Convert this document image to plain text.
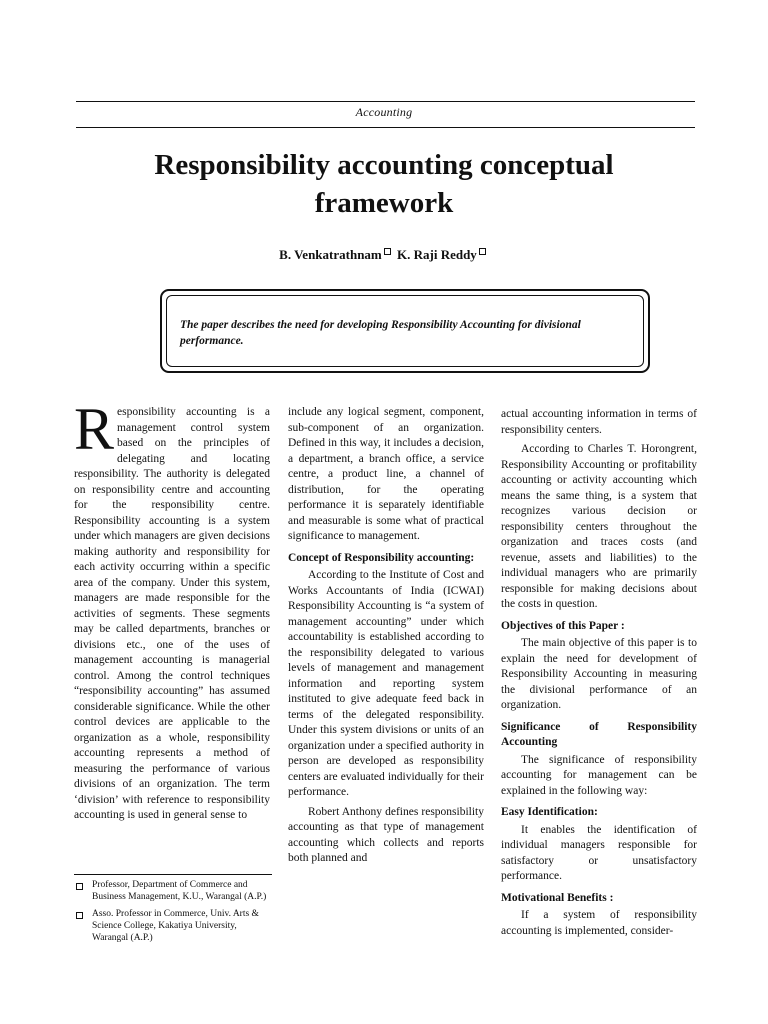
Accounting
Responsibility accounting conceptual framework
B. Venkatrathnam K. Raji Reddy
The paper describes the need for developing Responsibility Accounting for divisional performance.

Responsibility accounting is a management control system based on the principles of delegating and locating responsibility. The authority is delegated on responsibility centre and accounting for the responsibility centre. Responsibility accounting is a system under which managers are given decisions making authority and responsibility for each activity occurring within a specific area of the company. Under this system, managers are made responsible for the activities of segments. These segments may be called departments, branches or divisions etc., one of the uses of management accounting is managerial control. Among the control techniques “responsibility accounting” has assumed considerable significance. While the other control devices are applicable to the organization as a whole, responsibility accounting represents a method of measuring the performance of various divisions of an organization. The term ‘division’ with reference to responsibility accounting is used in general sense to

Professor, Department of Commerce and Business Management, K.U., Warangal (A.P.)
Asso. Professor in Commerce, Univ. Arts & Science College, Kakatiya University, Warangal (A.P.)

include any logical segment, component, sub-component of an organization. Defined in this way, it includes a decision, a department, a branch office, a service centre, a product line, a channel of distribution, for the operating performance it is separately identifiable and measurable is some what of practical significance to management.

Concept of Responsibility accounting:

According to the Institute of Cost and Works Accountants of India (ICWAI) Responsibility Accounting is “a system of management accounting” under which accountability is established according to the responsibility delegated to various levels of management and management information and reporting system instituted to give adequate feed back in terms of the delegated responsibility. Under this system divisions or units of an organization under a specified authority in person are developed as responsibility centers are evaluated individually for their performance.

Robert Anthony defines responsibility accounting as that type of management accounting which collects and reports both planned and

actual accounting information in terms of responsibility centers.

According to Charles T. Horongrent, Responsibility Accounting or profitability accounting or activity accounting which means the same thing, is a system that recognizes various decision or responsibility centers throughout the organization and traces costs (and revenue, assets and liabilities) to the individual managers who are primarily responsible for making decisions about the costs in question.

Objectives of this Paper :

The main objective of this paper is to explain the need for development of Responsibility Accounting in measuring the divisional performance of an organization.

Significance of Responsibility Accounting

The significance of responsibility accounting for management can be explained in the following way:

Easy Identification:

It enables the identification of individual managers responsible for satisfactory or unsatisfactory performance.

Motivational Benefits :

If a system of responsibility accounting is implemented, consider-
